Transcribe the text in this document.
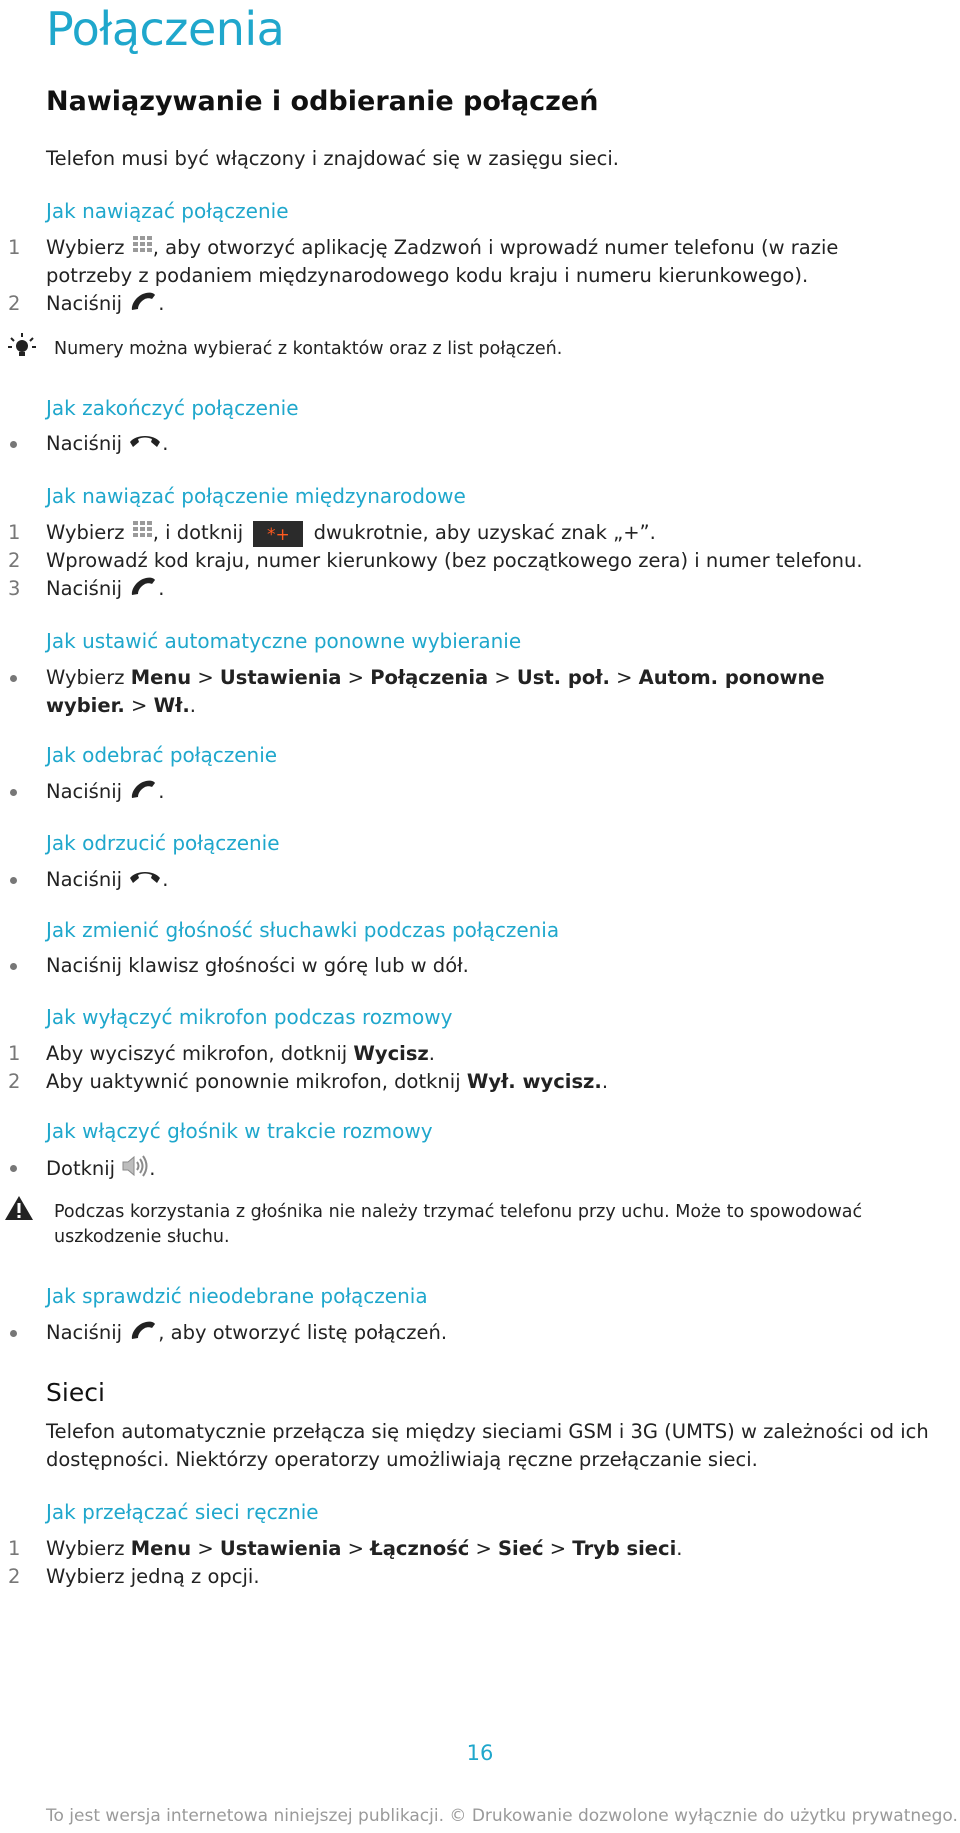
Połączenia
Nawiązywanie i odbieranie połączeń
Telefon musi być włączony i znajdować się w zasięgu sieci.
Jak nawiązać połączenie
1 Wybierz , aby otworzyć aplikację Zadzwoń i wprowadź numer telefonu (w razie
potrzeby z podaniem międzynarodowego kodu kraju i numeru kierunkowego).
2 Naciśnij .
Numery można wybierać z kontaktów oraz z list połączeń.
Jak zakończyć połączenie
Naciśnij .
Jak nawiązać połączenie międzynarodowe
1 Wybierz , i dotknij *+ dwukrotnie, aby uzyskać znak „+”.
2 Wprowadź kod kraju, numer kierunkowy (bez początkowego zera) i numer telefonu.
3 Naciśnij .
Jak ustawić automatyczne ponowne wybieranie
Wybierz Menu > Ustawienia > Połączenia > Ust. poł. > Autom. ponowne
wybier. > Wł..
Jak odebrać połączenie
Naciśnij .
Jak odrzucić połączenie
Naciśnij .
Jak zmienić głośność słuchawki podczas połączenia
Naciśnij klawisz głośności w górę lub w dół.
Jak wyłączyć mikrofon podczas rozmowy
1 Aby wyciszyć mikrofon, dotknij Wycisz.
2 Aby uaktywnić ponownie mikrofon, dotknij Wył. wycisz..
Jak włączyć głośnik w trakcie rozmowy
Dotknij .
Podczas korzystania z głośnika nie należy trzymać telefonu przy uchu. Może to spowodować
uszkodzenie słuchu.
Jak sprawdzić nieodebrane połączenia
Naciśnij , aby otworzyć listę połączeń.
Sieci
Telefon automatycznie przełącza się między sieciami GSM i 3G (UMTS) w zależności od ich
dostępności. Niektórzy operatorzy umożliwiają ręczne przełączanie sieci.
Jak przełączać sieci ręcznie
1 Wybierz Menu > Ustawienia > Łączność > Sieć > Tryb sieci.
2 Wybierz jedną z opcji.
16
To jest wersja internetowa niniejszej publikacji. © Drukowanie dozwolone wyłącznie do użytku prywatnego.
